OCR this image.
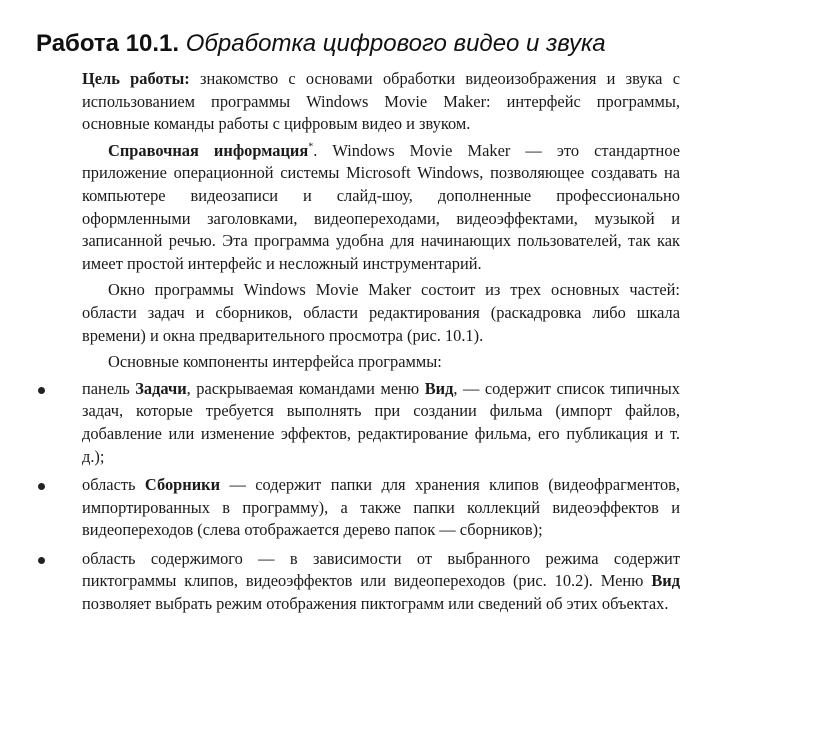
Работа 10.1. Обработка цифрового видео и звука

Цель работы: знакомство с основами обработки видеоизображения и звука с использованием программы Windows Movie Maker: интерфейс программы, основные команды работы с цифровым видео и звуком.

Справочная информация*. Windows Movie Maker — это стандартное приложение операционной системы Microsoft Windows, позволяющее создавать на компьютере видеозаписи и слайд-шоу, дополненные профессионально оформленными заголовками, видеопереходами, видеоэффектами, музыкой и записанной речью. Эта программа удобна для начинающих пользователей, так как имеет простой интерфейс и несложный инструментарий.

Окно программы Windows Movie Maker состоит из трех основных частей: области задач и сборников, области редактирования (раскадровка либо шкала времени) и окна предварительного просмотра (рис. 10.1).

Основные компоненты интерфейса программы:

панель Задачи, раскрываемая командами меню Вид, — содержит список типичных задач, которые требуется выполнять при создании фильма (импорт файлов, добавление или изменение эффектов, редактирование фильма, его публикация и т. д.);
область Сборники — содержит папки для хранения клипов (видеофрагментов, импортированных в программу), а также папки коллекций видеоэффектов и видеопереходов (слева отображается дерево папок — сборников);
область содержимого — в зависимости от выбранного режима содержит пиктограммы клипов, видеоэффектов или видеопереходов (рис. 10.2). Меню Вид позволяет выбрать режим отображения пиктограмм или сведений об этих объектах.
